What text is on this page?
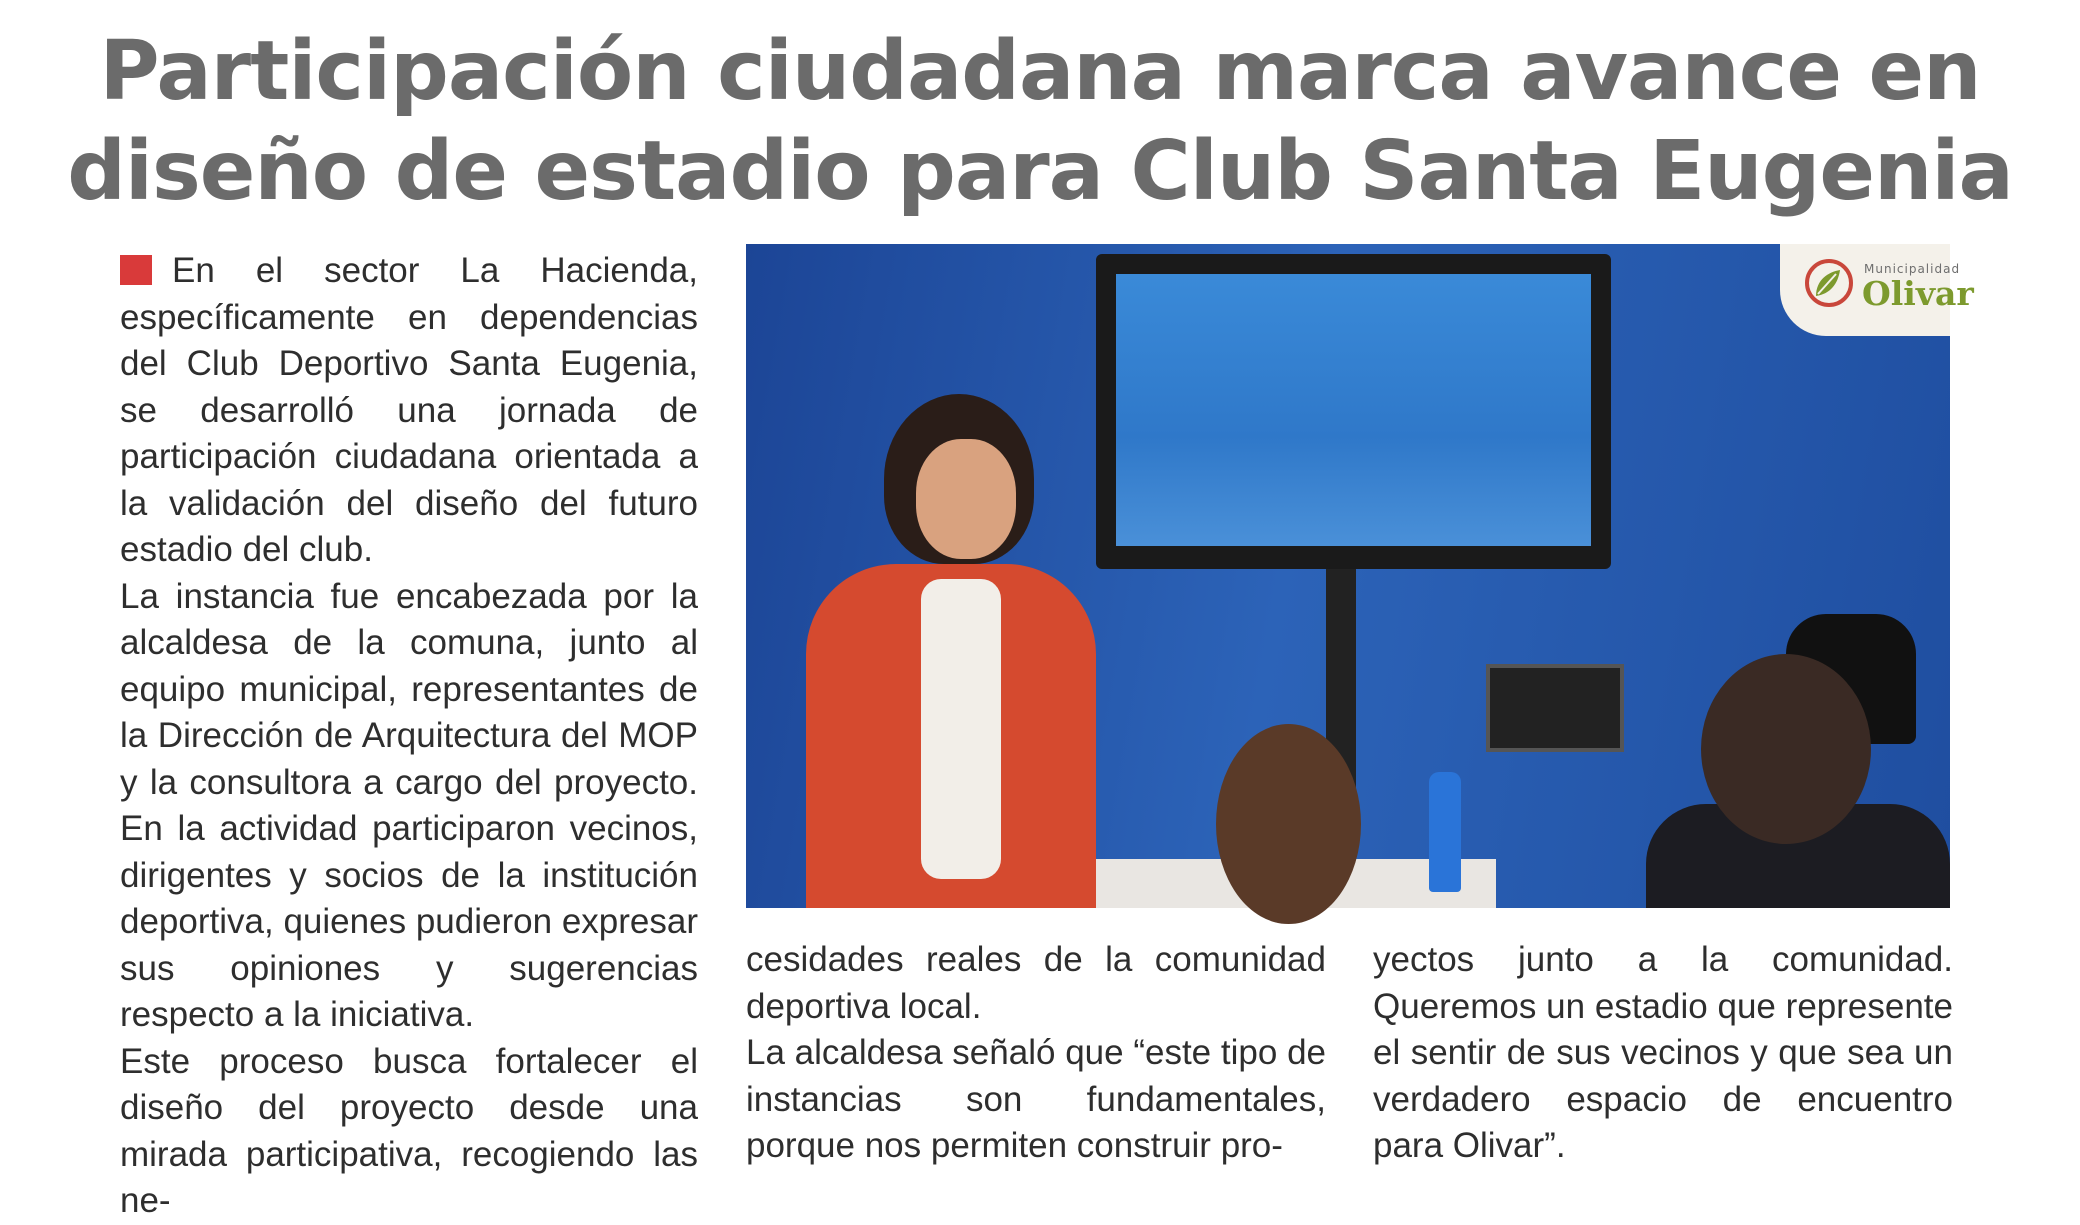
Participación ciudadana marca avance en
diseño de estadio para Club Santa Eugenia

En el sector La Hacienda, específicamente en dependencias del Club Deportivo Santa Eugenia, se desarrolló una jornada de participación ciudadana orientada a la validación del diseño del futuro estadio del club.

La instancia fue encabezada por la alcaldesa de la comuna, junto al equipo municipal, representantes de la Dirección de Arquitectura del MOP y la consultora a cargo del proyecto. En la actividad participaron vecinos, dirigentes y socios de la institución deportiva, quienes pudieron expresar sus opiniones y sugerencias respecto a la iniciativa.

Este proceso busca fortalecer el diseño del proyecto desde una mirada participativa, recogiendo las ne-

Municipalidad
Olivar

cesidades reales de la comunidad deportiva local.

La alcaldesa señaló que “este tipo de instancias son fundamentales, porque nos permiten construir pro-

yectos junto a la comunidad. Queremos un estadio que represente el sentir de sus vecinos y que sea un verdadero espacio de encuentro para Olivar”.
